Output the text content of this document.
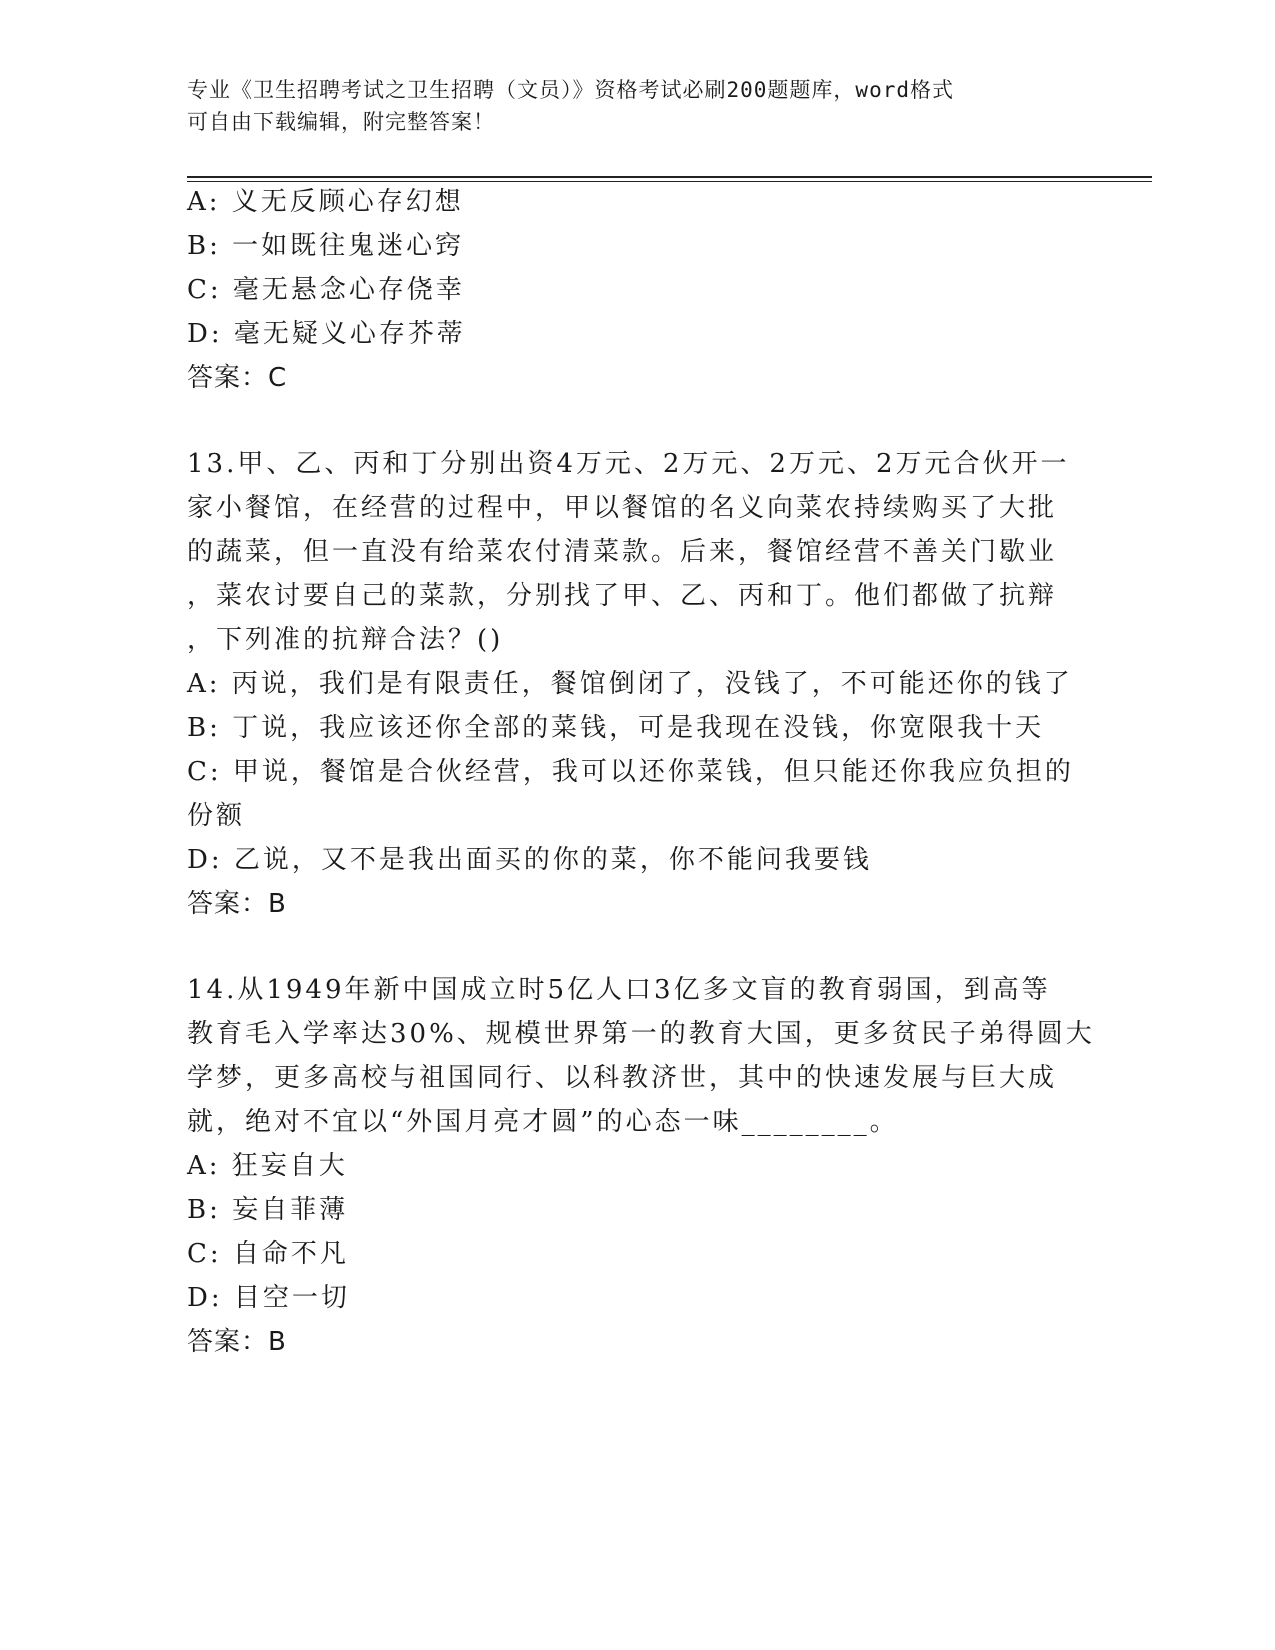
专业《卫生招聘考试之卫生招聘（文员）》资格考试必刷200题题库，word格式
可自由下载编辑，附完整答案！
A: 义无反顾心存幻想
B: 一如既往鬼迷心窍
C: 毫无悬念心存侥幸
D: 毫无疑义心存芥蒂
答案：C
13.甲、乙、丙和丁分别出资4万元、2万元、2万元、2万元合伙开一
家小餐馆，在经营的过程中，甲以餐馆的名义向菜农持续购买了大批
的蔬菜，但一直没有给菜农付清菜款。后来，餐馆经营不善关门歇业
，菜农讨要自己的菜款，分别找了甲、乙、丙和丁。他们都做了抗辩
，下列准的抗辩合法？()
A: 丙说，我们是有限责任，餐馆倒闭了，没钱了，不可能还你的钱了
B: 丁说，我应该还你全部的菜钱，可是我现在没钱，你宽限我十天
C: 甲说，餐馆是合伙经营，我可以还你菜钱，但只能还你我应负担的
份额
D: 乙说，又不是我出面买的你的菜，你不能问我要钱
答案：B
14.从1949年新中国成立时5亿人口3亿多文盲的教育弱国，到高等
教育毛入学率达30%、规模世界第一的教育大国，更多贫民子弟得圆大
学梦，更多高校与祖国同行、以科教济世，其中的快速发展与巨大成
就，绝对不宜以“外国月亮才圆”的心态一味________。
A: 狂妄自大
B: 妄自菲薄
C: 自命不凡
D: 目空一切
答案：B
